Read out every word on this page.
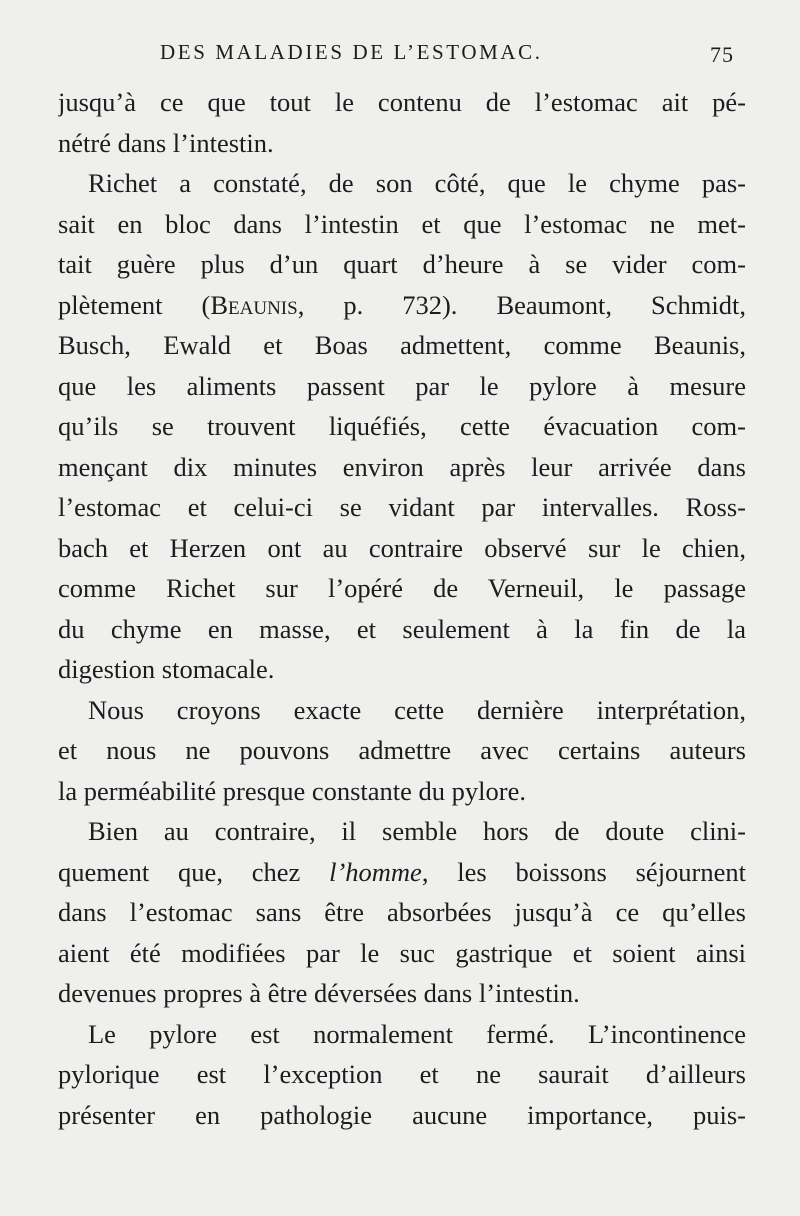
DES MALADIES DE L’ESTOMAC.	75
jusqu’à ce que tout le contenu de l’estomac ait pé-
nétré dans l’intestin.
Richet a constaté, de son côté, que le chyme pas-
sait en bloc dans l’intestin et que l’estomac ne met-
tait guère plus d’un quart d’heure à se vider com-
plètement (Beaunis, p. 732). Beaumont, Schmidt,
Busch, Ewald et Boas admettent, comme Beaunis,
que les aliments passent par le pylore à mesure
qu’ils se trouvent liquéfiés, cette évacuation com-
mençant dix minutes environ après leur arrivée dans
l’estomac et celui-ci se vidant par intervalles. Ross-
bach et Herzen ont au contraire observé sur le chien,
comme Richet sur l’opéré de Verneuil, le passage
du chyme en masse, et seulement à la fin de la
digestion stomacale.
Nous croyons exacte cette dernière interprétation,
et nous ne pouvons admettre avec certains auteurs
la perméabilité presque constante du pylore.
Bien au contraire, il semble hors de doute clini-
quement que, chez l’homme, les boissons séjournent
dans l’estomac sans être absorbées jusqu’à ce qu’elles
aient été modifiées par le suc gastrique et soient ainsi
devenues propres à être déversées dans l’intestin.
Le pylore est normalement fermé. L’incontinence
pylorique est l’exception et ne saurait d’ailleurs
présenter en pathologie aucune importance, puis-
